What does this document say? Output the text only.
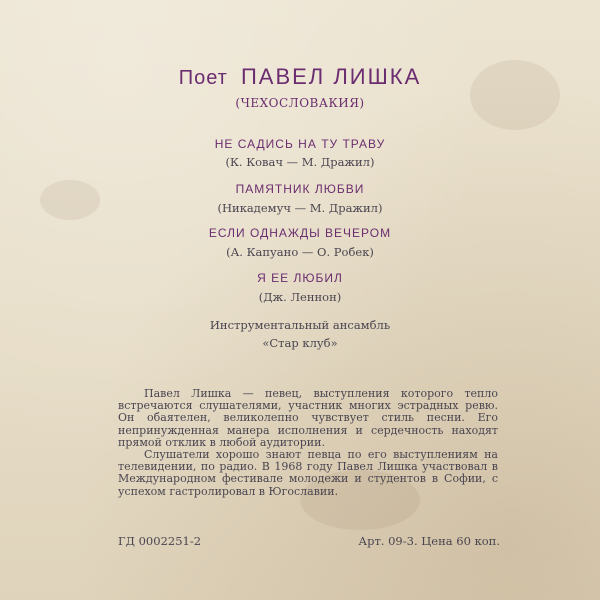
Поет ПАВЕЛ ЛИШКА
(ЧЕХОСЛОВАКИЯ)
НЕ САДИСЬ НА ТУ ТРАВУ
(К. Ковач — М. Дражил)
ПАМЯТНИК ЛЮБВИ
(Никадемуч — М. Дражил)
ЕСЛИ ОДНАЖДЫ ВЕЧЕРОМ
(А. Капуано — О. Робек)
Я ЕЕ ЛЮБИЛ
(Дж. Леннон)
Инструментальный ансамбль
«Стар клуб»

Павел Лишка — певец, выступления которого тепло встречаются слушателями, участник многих эстрадных ревю. Он обаятелен, великолепно чувствует стиль песни. Его непринужденная манера исполнения и сердечность находят прямой отклик в любой аудитории.

Слушатели хорошо знают певца по его выступлениям на телевидении, по радио. В 1968 году Павел Лишка участвовал в Международном фестивале молодежи и студентов в Софии, с успехом гастролировал в Югославии.

ГД 0002251-2	Арт. 09-3. Цена 60 коп.
